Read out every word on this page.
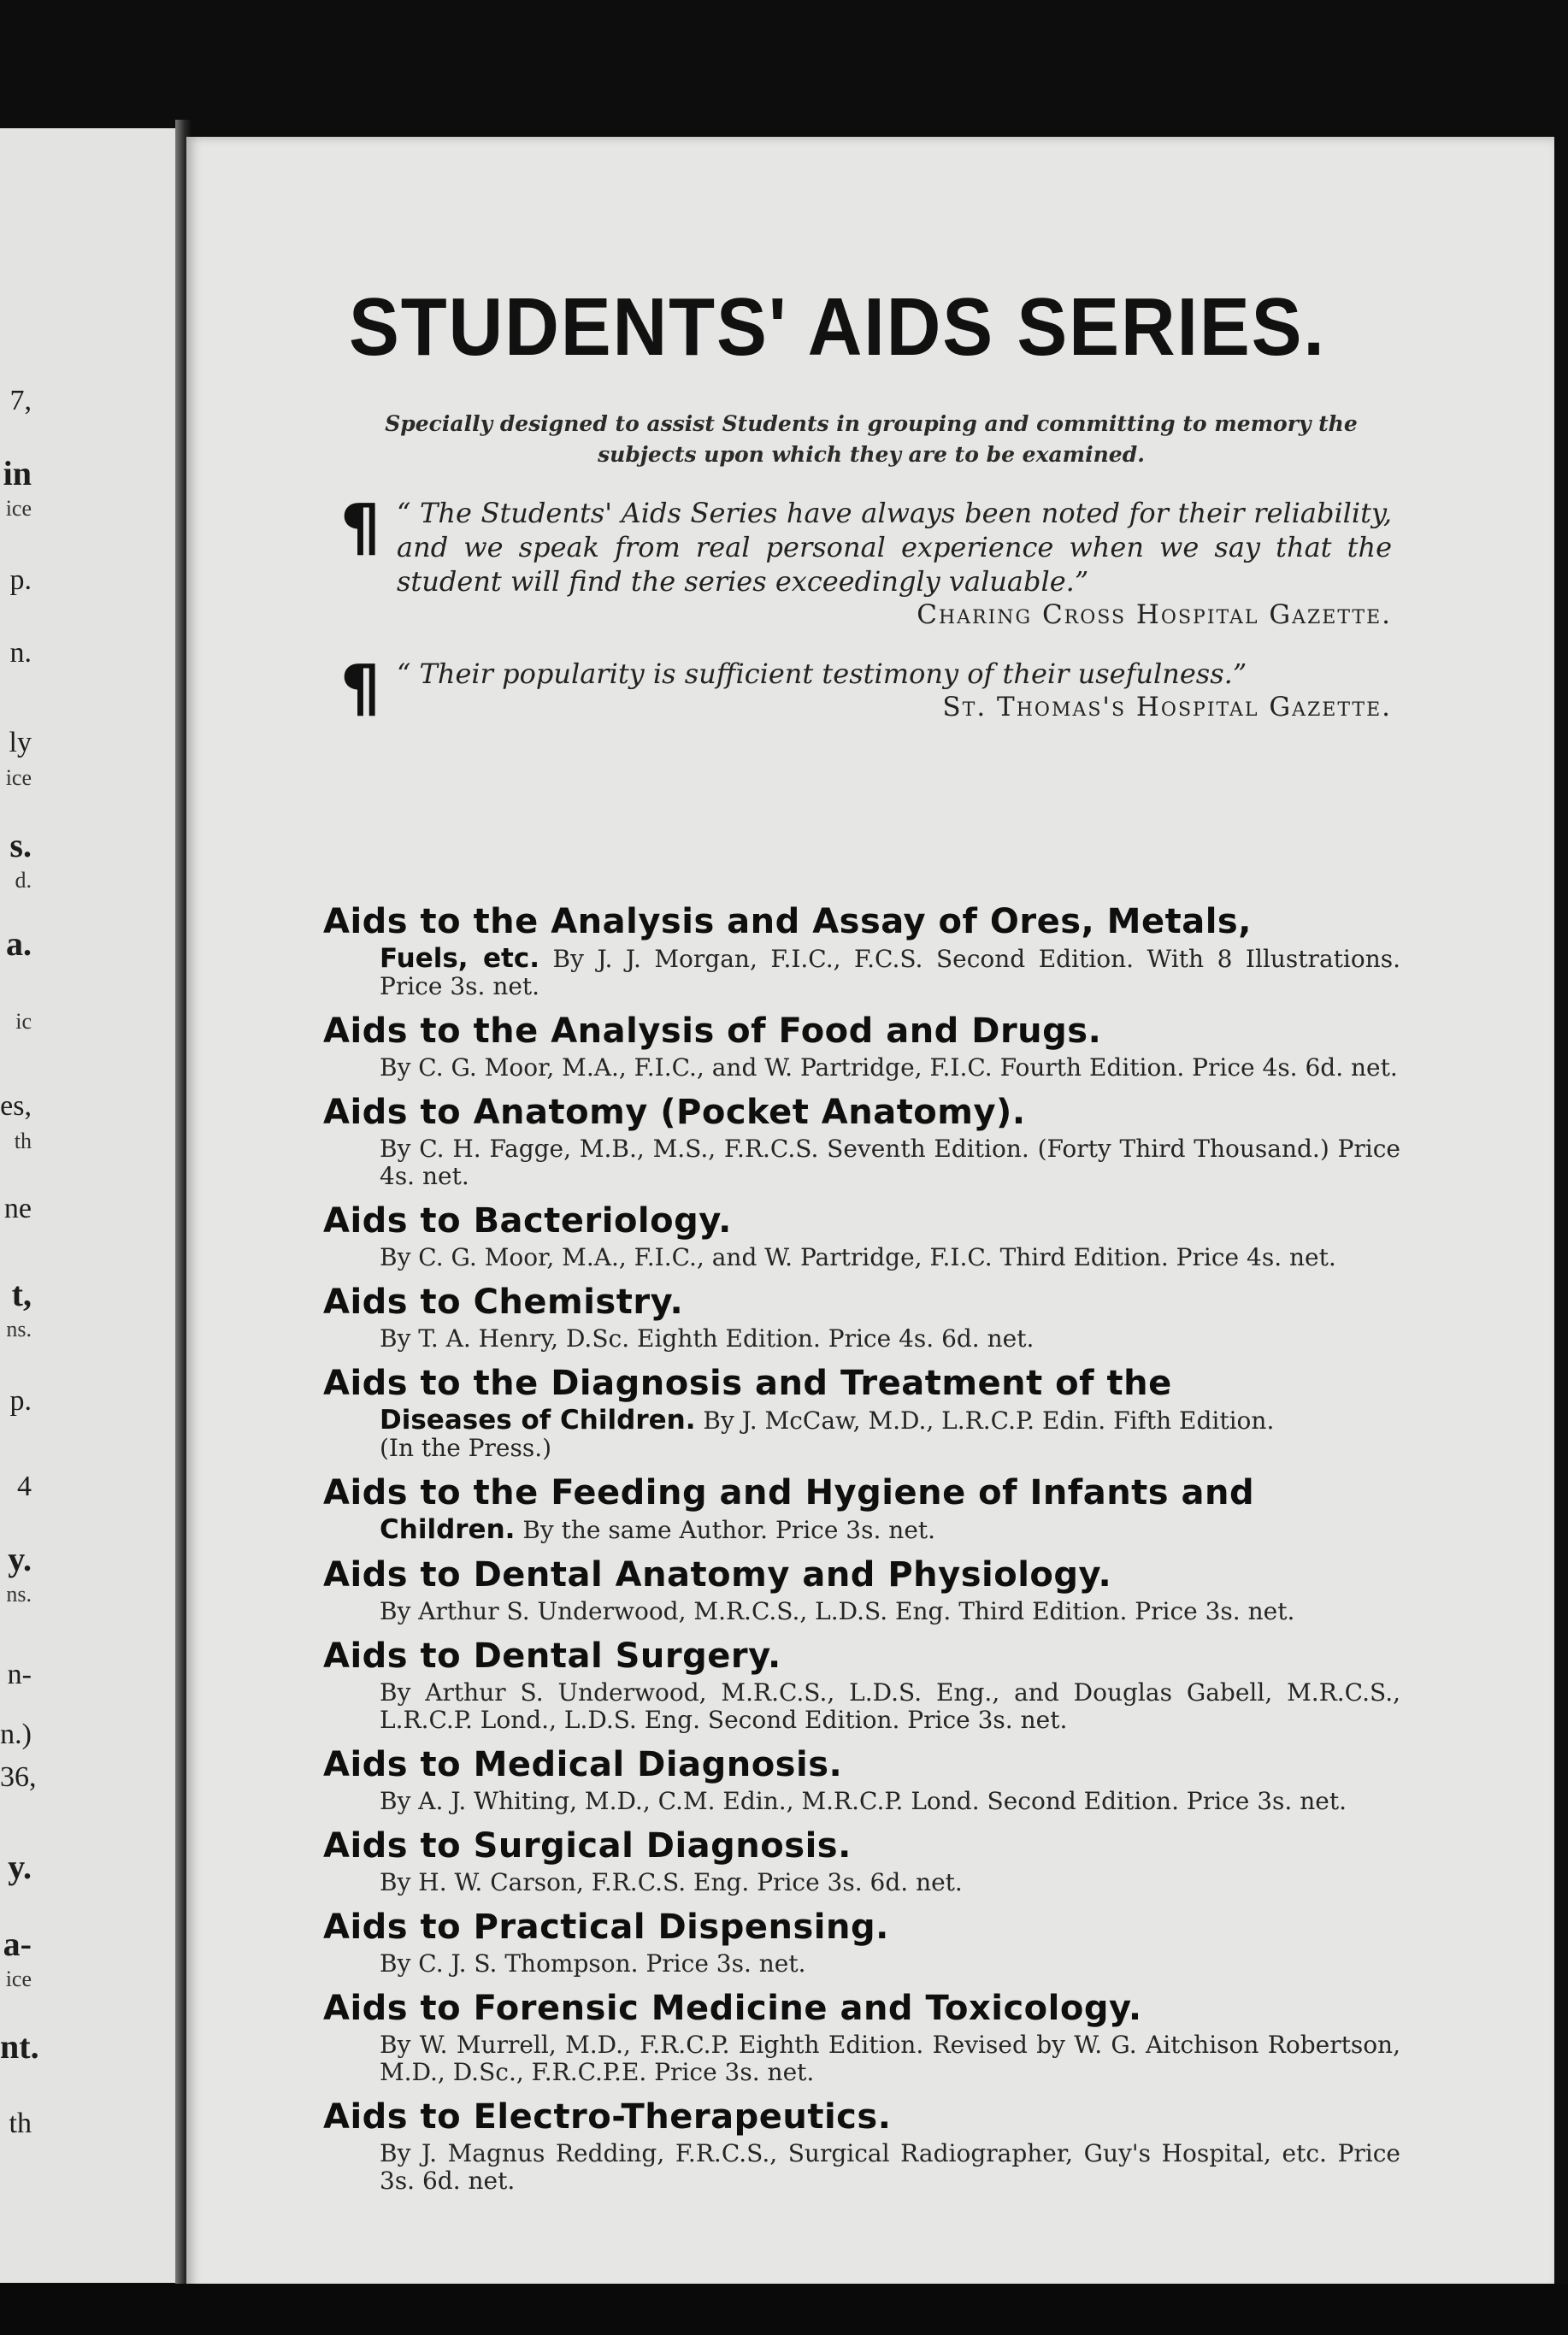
7,
in
ice
p.
n.
ly
ice
s.
d.
a.
ic
es,
th
ne
t,
ns.
p.
4
y.
ns.
n-
n.)
36,
y.
a-
ice
nt.
th
STUDENTS' AIDS SERIES.
Specially designed to assist Students in grouping and committing to memory the subjects upon which they are to be examined.
¶ “ The Students' Aids Series have always been noted for their reliability, and we speak from real personal experience when we say that the student will find the series exceedingly valuable.”
Charing Cross Hospital Gazette.
¶ “ Their popularity is sufficient testimony of their usefulness.”
St. Thomas's Hospital Gazette.
Aids to the Analysis and Assay of Ores, Metals,
Fuels, etc. By J. J. Morgan, F.I.C., F.C.S. Second Edition. With 8 Illustrations. Price 3s. net.
Aids to the Analysis of Food and Drugs.
By C. G. Moor, M.A., F.I.C., and W. Partridge, F.I.C. Fourth Edition. Price 4s. 6d. net.
Aids to Anatomy (Pocket Anatomy).
By C. H. Fagge, M.B., M.S., F.R.C.S. Seventh Edition. (Forty Third Thousand.) Price 4s. net.
Aids to Bacteriology.
By C. G. Moor, M.A., F.I.C., and W. Partridge, F.I.C. Third Edition. Price 4s. net.
Aids to Chemistry.
By T. A. Henry, D.Sc. Eighth Edition. Price 4s. 6d. net.
Aids to the Diagnosis and Treatment of the
Diseases of Children. By J. McCaw, M.D., L.R.C.P. Edin. Fifth Edition.
(In the Press.)
Aids to the Feeding and Hygiene of Infants and
Children. By the same Author. Price 3s. net.
Aids to Dental Anatomy and Physiology.
By Arthur S. Underwood, M.R.C.S., L.D.S. Eng. Third Edition. Price 3s. net.
Aids to Dental Surgery.
By Arthur S. Underwood, M.R.C.S., L.D.S. Eng., and Douglas Gabell, M.R.C.S., L.R.C.P. Lond., L.D.S. Eng. Second Edition. Price 3s. net.
Aids to Medical Diagnosis.
By A. J. Whiting, M.D., C.M. Edin., M.R.C.P. Lond. Second Edition. Price 3s. net.
Aids to Surgical Diagnosis.
By H. W. Carson, F.R.C.S. Eng. Price 3s. 6d. net.
Aids to Practical Dispensing.
By C. J. S. Thompson. Price 3s. net.
Aids to Forensic Medicine and Toxicology.
By W. Murrell, M.D., F.R.C.P. Eighth Edition. Revised by W. G. Aitchison Robertson, M.D., D.Sc., F.R.C.P.E. Price 3s. net.
Aids to Electro-Therapeutics.
By J. Magnus Redding, F.R.C.S., Surgical Radiographer, Guy's Hospital, etc. Price 3s. 6d. net.
